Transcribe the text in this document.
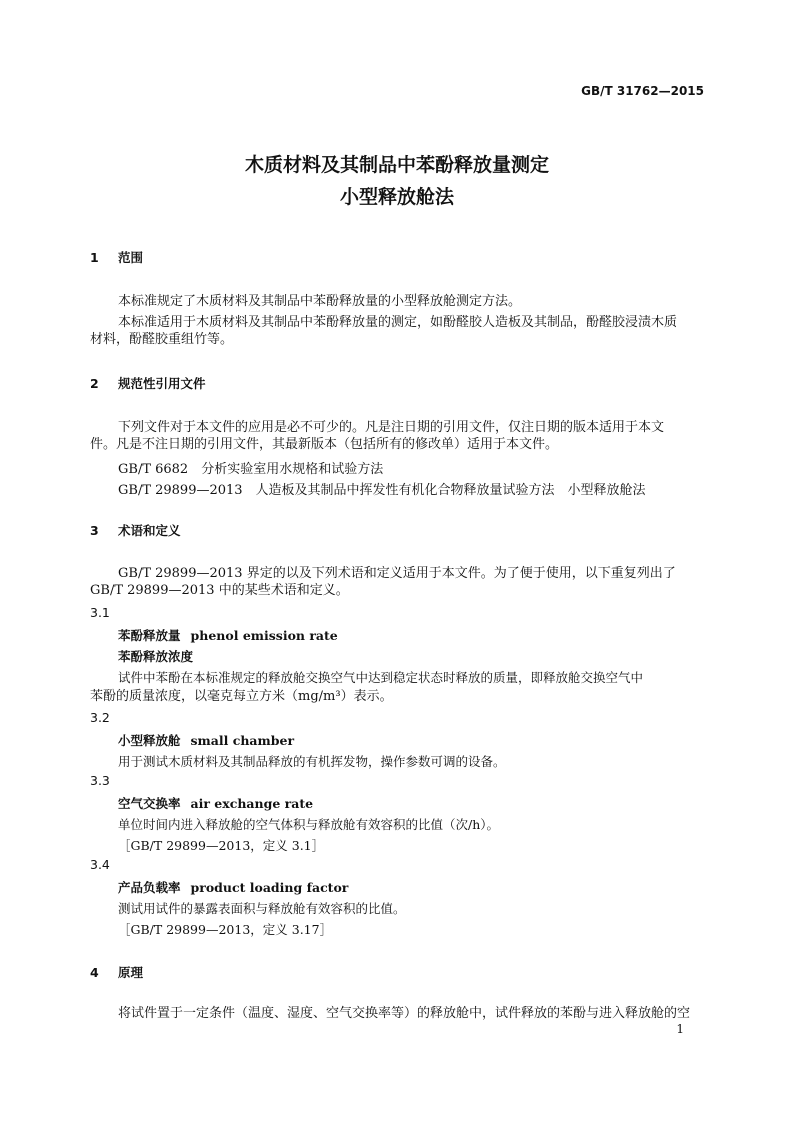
GB/T 31762—2015
木质材料及其制品中苯酚释放量测定
小型释放舱法
1 范围
本标准规定了木质材料及其制品中苯酚释放量的小型释放舱测定方法。
本标准适用于木质材料及其制品中苯酚释放量的测定，如酚醛胶人造板及其制品，酚醛胶浸渍木质
材料，酚醛胶重组竹等。
2 规范性引用文件
下列文件对于本文件的应用是必不可少的。凡是注日期的引用文件，仅注日期的版本适用于本文
件。凡是不注日期的引用文件，其最新版本（包括所有的修改单）适用于本文件。
GB/T 6682　分析实验室用水规格和试验方法
GB/T 29899—2013　人造板及其制品中挥发性有机化合物释放量试验方法　小型释放舱法
3 术语和定义
GB/T 29899—2013 界定的以及下列术语和定义适用于本文件。为了便于使用，以下重复列出了
GB/T 29899—2013 中的某些术语和定义。
3.1
苯酚释放量 phenol emission rate
苯酚释放浓度
试件中苯酚在本标准规定的释放舱交换空气中达到稳定状态时释放的质量，即释放舱交换空气中
苯酚的质量浓度，以毫克每立方米（mg/m³）表示。
3.2
小型释放舱 small chamber
用于测试木质材料及其制品释放的有机挥发物，操作参数可调的设备。
3.3
空气交换率 air exchange rate
单位时间内进入释放舱的空气体积与释放舱有效容积的比值（次/h）。
［GB/T 29899—2013，定义 3.1］
3.4
产品负载率 product loading factor
测试用试件的暴露表面积与释放舱有效容积的比值。
［GB/T 29899—2013，定义 3.17］
4 原理
将试件置于一定条件（温度、湿度、空气交换率等）的释放舱中，试件释放的苯酚与进入释放舱的空
1
